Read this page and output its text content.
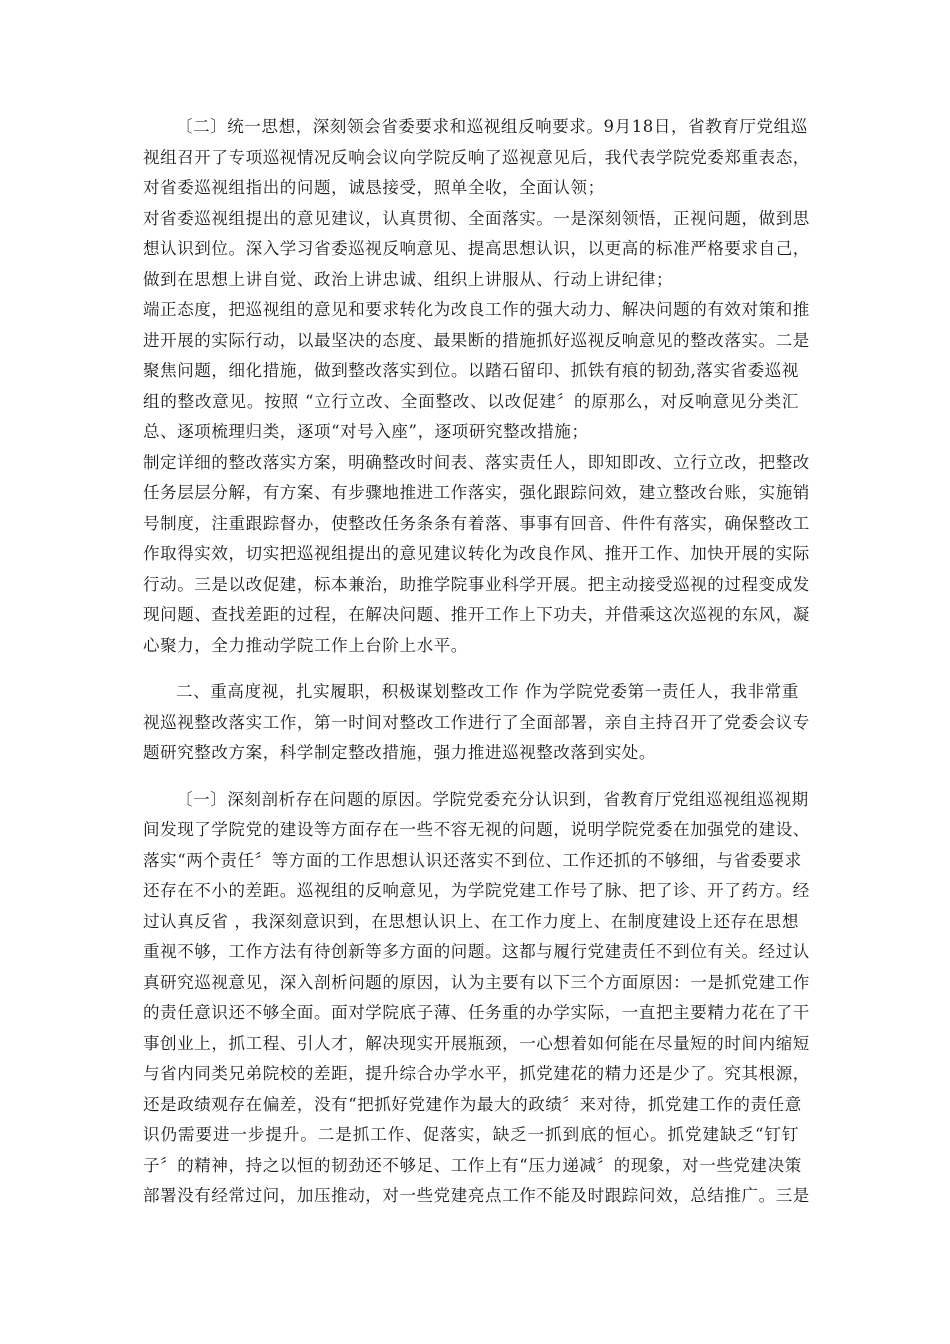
〔二〕统一思想，深刻领会省委要求和巡视组反响要求。9月18日，省教育厅党组巡
视组召开了专项巡视情况反响会议向学院反响了巡视意见后，我代表学院党委郑重表态，
对省委巡视组指出的问题，诚恳接受，照单全收，全面认领；
对省委巡视组提出的意见建议，认真贯彻、全面落实。一是深刻领悟，正视问题，做到思
想认识到位。深入学习省委巡视反响意见、提高思想认识，以更高的标准严格要求自己，
做到在思想上讲自觉、政治上讲忠诚、组织上讲服从、行动上讲纪律；
端正态度，把巡视组的意见和要求转化为改良工作的强大动力、解决问题的有效对策和推
进开展的实际行动，以最坚决的态度、最果断的措施抓好巡视反响意见的整改落实。二是
聚焦问题，细化措施，做到整改落实到位。以踏石留印、抓铁有痕的韧劲,落实省委巡视
组的整改意见。按照 “立行立改、全面整改、以改促建〞的原那么，对反响意见分类汇
总、逐项梳理归类，逐项“对号入座”，逐项研究整改措施；
制定详细的整改落实方案，明确整改时间表、落实责任人，即知即改、立行立改，把整改
任务层层分解，有方案、有步骤地推进工作落实，强化跟踪问效，建立整改台账，实施销
号制度，注重跟踪督办，使整改任务条条有着落、事事有回音、件件有落实，确保整改工
作取得实效，切实把巡视组提出的意见建议转化为改良作风、推开工作、加快开展的实际
行动。三是以改促建，标本兼治，助推学院事业科学开展。把主动接受巡视的过程变成发
现问题、查找差距的过程，在解决问题、推开工作上下功夫，并借乘这次巡视的东风，凝
心聚力，全力推动学院工作上台阶上水平。
二、重高度视，扎实履职，积极谋划整改工作 作为学院党委第一责任人，我非常重
视巡视整改落实工作，第一时间对整改工作进行了全面部署，亲自主持召开了党委会议专
题研究整改方案，科学制定整改措施，强力推进巡视整改落到实处。
〔一〕深刻剖析存在问题的原因。学院党委充分认识到，省教育厅党组巡视组巡视期
间发现了学院党的建设等方面存在一些不容无视的问题，说明学院党委在加强党的建设、
落实“两个责任〞等方面的工作思想认识还落实不到位、工作还抓的不够细，与省委要求
还存在不小的差距。巡视组的反响意见，为学院党建工作号了脉、把了诊、开了药方。经
过认真反省 ，我深刻意识到，在思想认识上、在工作力度上、在制度建设上还存在思想
重视不够，工作方法有待创新等多方面的问题。这都与履行党建责任不到位有关。经过认
真研究巡视意见，深入剖析问题的原因，认为主要有以下三个方面原因：一是抓党建工作
的责任意识还不够全面。面对学院底子薄、任务重的办学实际，一直把主要精力花在了干
事创业上，抓工程、引人才，解决现实开展瓶颈，一心想着如何能在尽量短的时间内缩短
与省内同类兄弟院校的差距，提升综合办学水平，抓党建花的精力还是少了。究其根源，
还是政绩观存在偏差，没有“把抓好党建作为最大的政绩〞来对待，抓党建工作的责任意
识仍需要进一步提升。二是抓工作、促落实，缺乏一抓到底的恒心。抓党建缺乏“钉钉
子〞的精神，持之以恒的韧劲还不够足、工作上有“压力递减〞的现象，对一些党建决策
部署没有经常过问，加压推动，对一些党建亮点工作不能及时跟踪问效，总结推广。三是
